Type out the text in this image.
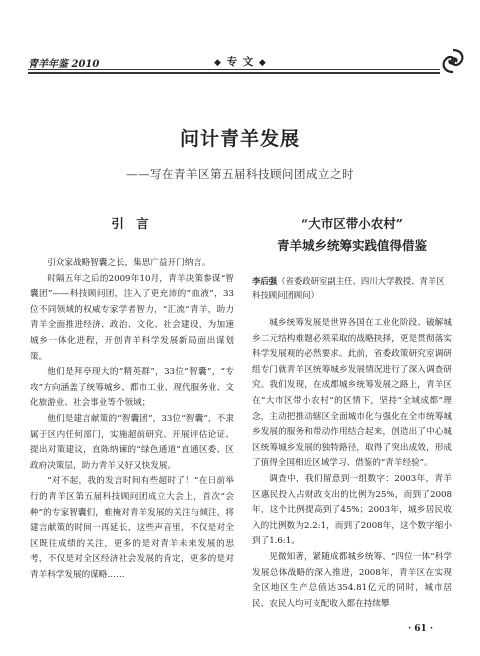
青羊年鉴 2010	◆ 专 文 ◆
问计青羊发展
——写在青羊区第五届科技顾问团成立之时
引 言

引众家战略智囊之长，集思广益开门纳言。

时隔五年之后的2009年10月，青羊决策参谋“智囊团”——科技顾问团，注入了更充沛的“血液”，33位不同领域的权威专家学者智力，“汇流”青羊，助力青羊全面推进经济、政治、文化、社会建设，为加速城乡一体化进程，开创青羊科学发展新局面出谋划策。

他们是拜亭现大的“精英群”，33位“智囊”，“专攻”方向涵盖了统筹城乡、都市工业、现代服务业、文化旅游业、社会事业等个领域；

他们是建言献策的“智囊团”，33位“智囊”，不隶属于区内任何部门，实施超前研究、开展评估论证、提出对策建议，直陈纳谏的“绿色通道”直通区委、区政府决策层，助力青羊又好又快发展。

“对不起，我的发言时间有些超时了！”在日前举行的青羊区第五届科技顾问团成立大会上，首次“会种”的专家智囊们，难掩对青羊发展的关注与倾注，将建言献策的时间一再延长，这些声音里，不仅是对全区既往成绩的关注，更多的是对青羊未来发展的思考，不仅是对全区经济社会发展的肯定，更多的是对青羊科学发展的谋略……

“大市区带小农村”
青羊城乡统筹实践值得借鉴
李后强（省委政研室副主任、四川大学教授、青羊区科技顾问团顾问）

城乡统筹发展是世界各国在工业化阶段、破解城乡二元结构难题必须采取的战略抉择，更是贯彻落实科学发展观的必然要求。此前，省委政策研究室调研组专门就青羊区统筹城乡发展情况进行了深入调查研究。我们发现，在成都城乡统筹发展之路上，青羊区在“大市区带小农村”的区情下，坚持“全域成都”理念，主动把推动辖区全面城市化与强化在全市统筹城乡发展的服务和带动作用结合起来，创造出了中心城区统筹城乡发展的独特路径，取得了突出成效，形成了值得全国相近区域学习、借鉴的“青羊经验”。

调查中，我们留意到一组数字：2003年，青羊区惠民投入占财政支出的比例为25%，而到了2008年，这个比例提高到了45%；2003年，城乡居民收入的比例数为2.2:1，而到了2008年，这个数字缩小到了1.6:1。

见微知著，紧随成都城乡统筹、“四位一体”科学发展总体战略的深入推进，2008年，青羊区在实现全区地区生产总值达354.81亿元的同时，城市居民、农民人均可支配收入都在持续攀

· 61 ·
